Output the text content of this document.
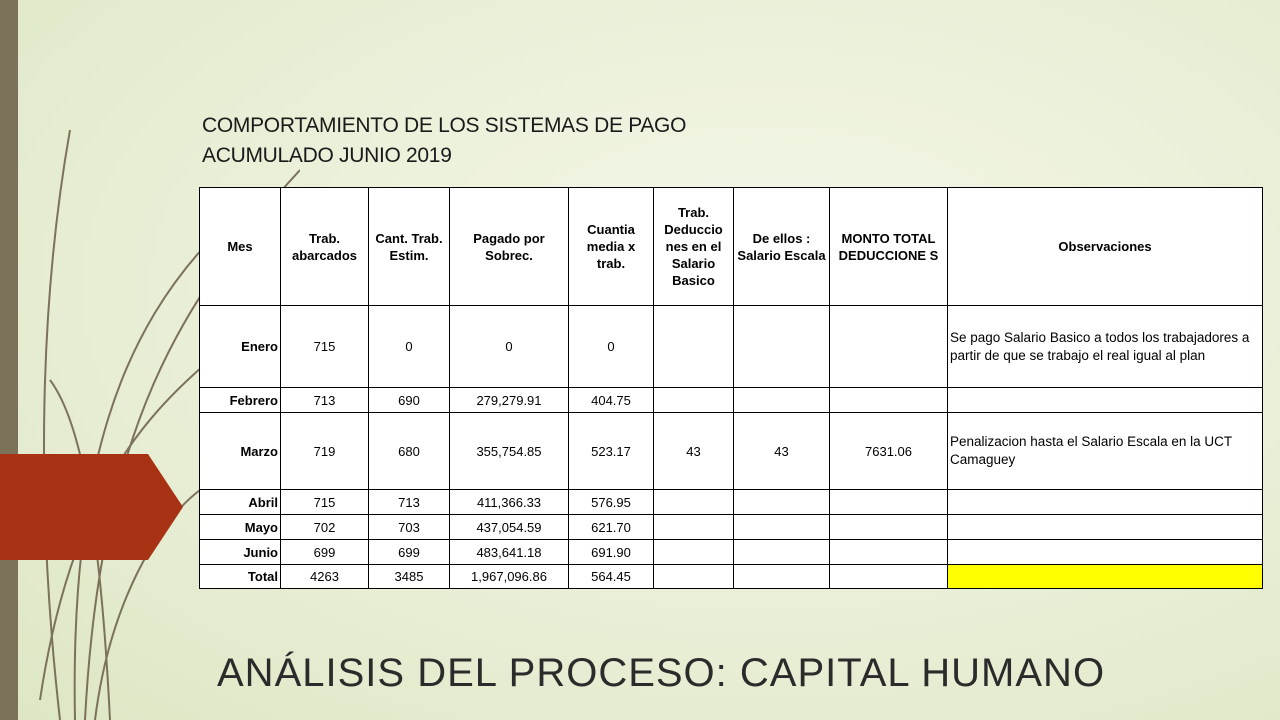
COMPORTAMIENTO DE LOS SISTEMAS DE PAGO
ACUMULADO JUNIO 2019
Mes	Trab. abarcados	Cant. Trab. Estim.	Pagado por Sobrec.	Cuantia media x trab.	Trab. Deduccio nes en el Salario Basico	De ellos : Salario Escala	MONTO TOTAL DEDUCCIONE S	Observaciones
Enero	715	0	0	0				Se pago Salario Basico a todos los trabajadores a partir de que se trabajo el real igual al plan
Febrero	713	690	279,279.91	404.75				
Marzo	719	680	355,754.85	523.17	43	43	7631.06	Penalizacion hasta el Salario Escala en la UCT Camaguey
Abril	715	713	411,366.33	576.95				
Mayo	702	703	437,054.59	621.70				
Junio	699	699	483,641.18	691.90				
Total	4263	3485	1,967,096.86	564.45				
ANÁLISIS DEL PROCESO: CAPITAL HUMANO
